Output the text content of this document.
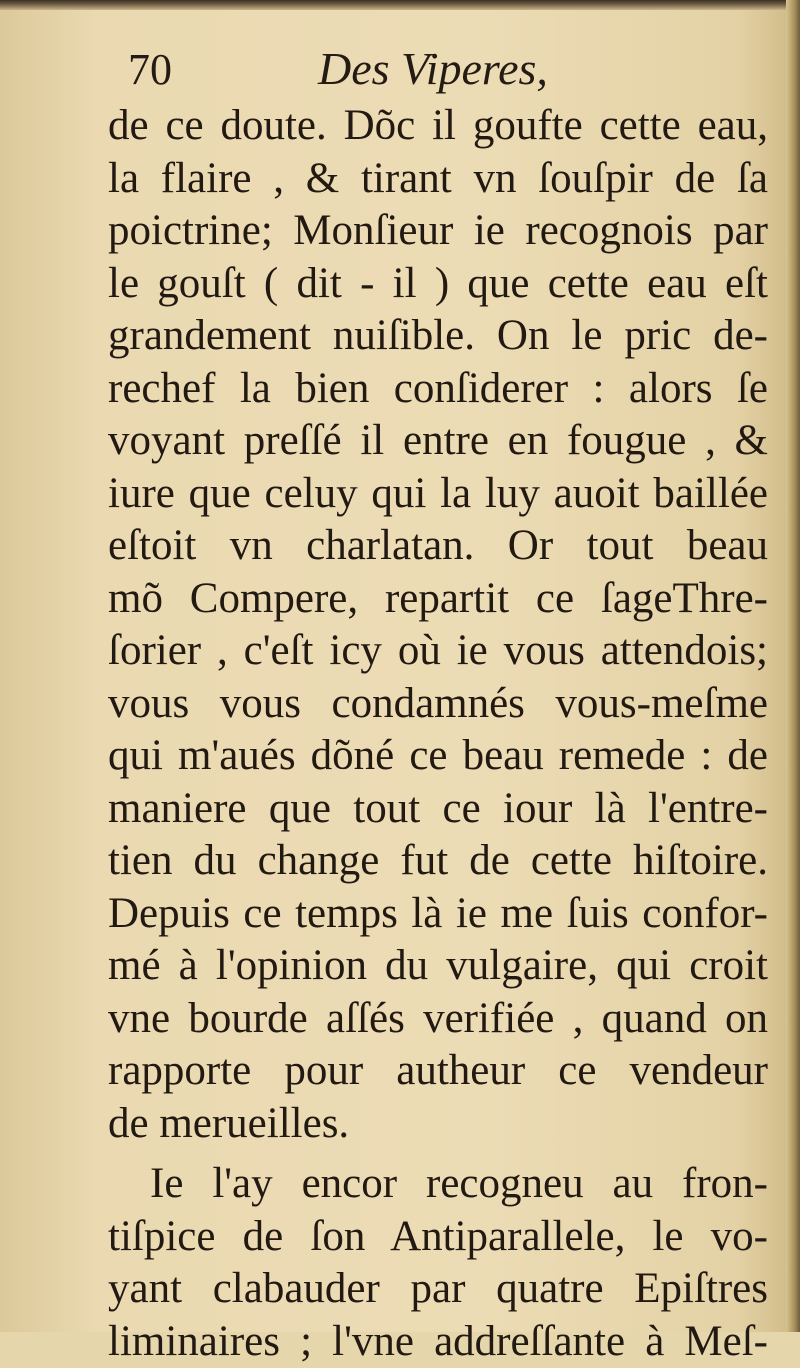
70	Des Viperes,
de ce doute. Dõc il goufte cette eau,
la flaire , & tirant vn ſouſpir de ſa
poictrine; Monſieur ie recognois par
le gouſt ( dit - il ) que cette eau eſt
grandement nuiſible. On le pric de-
rechef la bien conſiderer : alors ſe
voyant preſſé il entre en fougue , &
iure que celuy qui la luy auoit baillée
eſtoit vn charlatan. Or tout beau
mõ Compere, repartit ce ſageThre-
ſorier , c'eſt icy où ie vous attendois;
vous vous condamnés vous-meſme
qui m'aués dõné ce beau remede : de
maniere que tout ce iour là l'entre-
tien du change fut de cette hiſtoire.
Depuis ce temps là ie me ſuis confor-
mé à l'opinion du vulgaire, qui croit
vne bourde aſſés verifiée , quand on
rapporte pour autheur ce vendeur
de merueilles.
Ie l'ay encor recogneu au fron-
tiſpice de ſon Antiparallele, le vo-
yant clabauder par quatre Epiſtres
liminaires ; l'vne addreſſante à Meſ-
